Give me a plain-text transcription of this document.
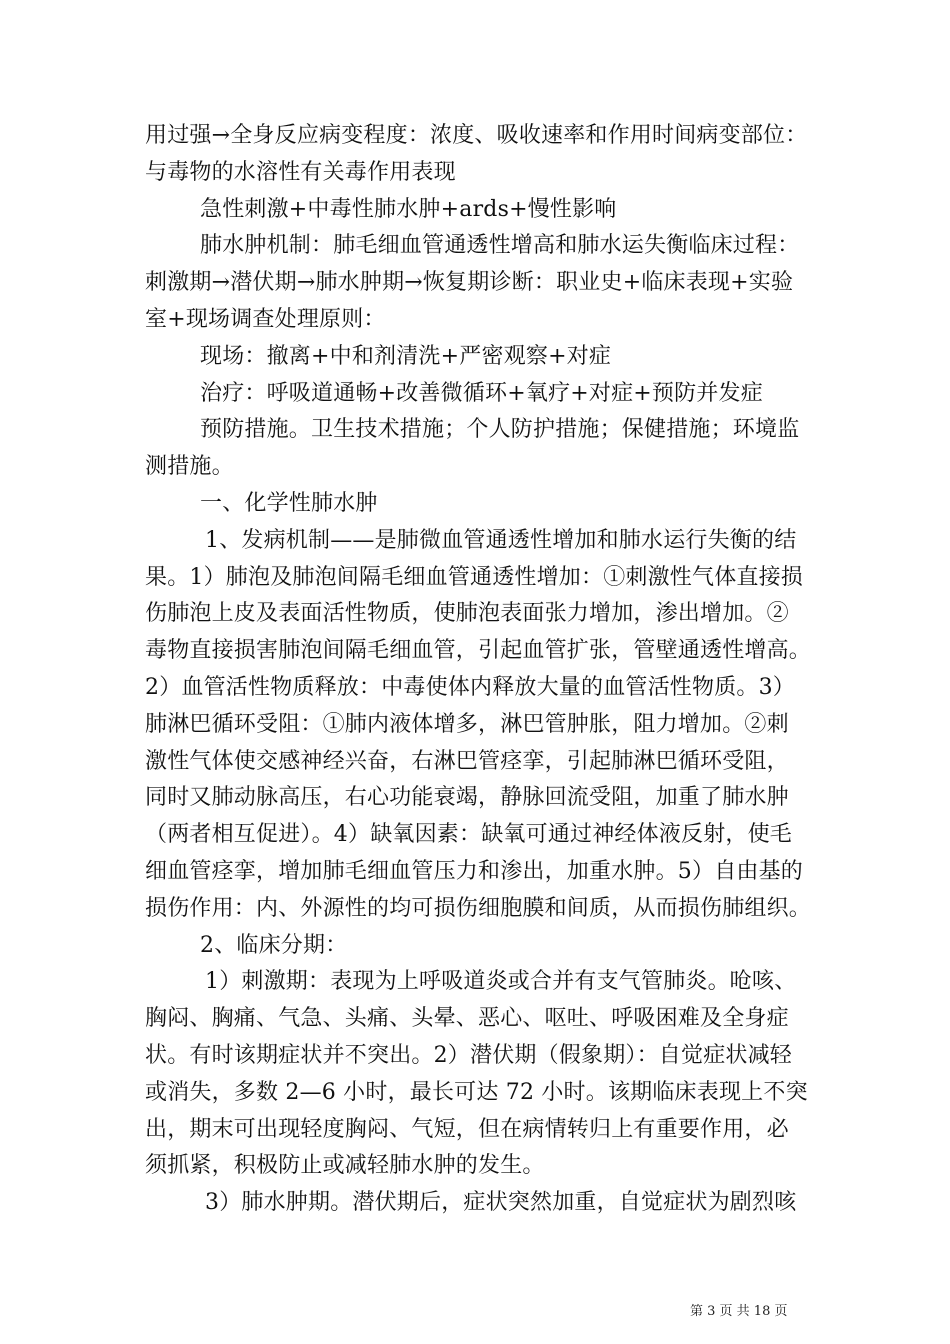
用过强→全身反应病变程度：浓度、吸收速率和作用时间病变部位：
与毒物的水溶性有关毒作用表现
急性刺激+中毒性肺水肿+ards+慢性影响
肺水肿机制：肺毛细血管通透性增高和肺水运失衡临床过程：
刺激期→潜伏期→肺水肿期→恢复期诊断：职业史+临床表现+实验
室+现场调查处理原则：
现场：撤离+中和剂清洗+严密观察+对症
治疗：呼吸道通畅+改善微循环+氧疗+对症+预防并发症
预防措施。卫生技术措施；个人防护措施；保健措施；环境监
测措施。
一、化学性肺水肿
1、发病机制——是肺微血管通透性增加和肺水运行失衡的结
果。1）肺泡及肺泡间隔毛细血管通透性增加：①刺激性气体直接损
伤肺泡上皮及表面活性物质，使肺泡表面张力增加，渗出增加。②
毒物直接损害肺泡间隔毛细血管，引起血管扩张，管壁通透性增高。
2）血管活性物质释放：中毒使体内释放大量的血管活性物质。3）
肺淋巴循环受阻：①肺内液体增多，淋巴管肿胀，阻力增加。②刺
激性气体使交感神经兴奋，右淋巴管痉挛，引起肺淋巴循环受阻，
同时又肺动脉高压，右心功能衰竭，静脉回流受阻，加重了肺水肿
（两者相互促进）。4）缺氧因素：缺氧可通过神经体液反射，使毛
细血管痉挛，增加肺毛细血管压力和渗出，加重水肿。5）自由基的
损伤作用：内、外源性的均可损伤细胞膜和间质，从而损伤肺组织。
2、临床分期：
1）刺激期：表现为上呼吸道炎或合并有支气管肺炎。呛咳、
胸闷、胸痛、气急、头痛、头晕、恶心、呕吐、呼吸困难及全身症
状。有时该期症状并不突出。2）潜伏期（假象期）：自觉症状减轻
或消失，多数 2—6 小时，最长可达 72 小时。该期临床表现上不突
出，期末可出现轻度胸闷、气短，但在病情转归上有重要作用，必
须抓紧，积极防止或减轻肺水肿的发生。
3）肺水肿期。潜伏期后，症状突然加重，自觉症状为剧烈咳
第 3 页 共 18 页
